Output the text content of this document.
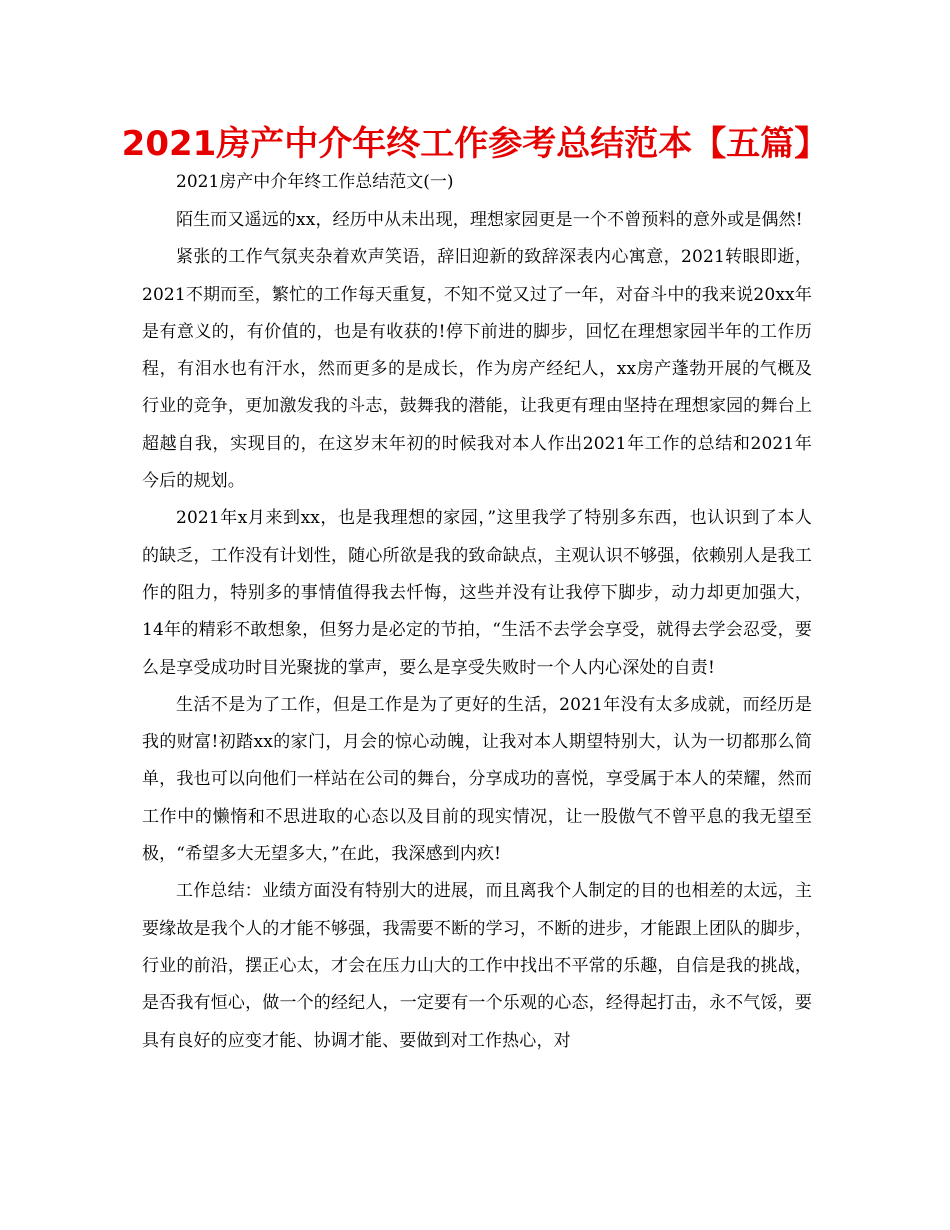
2021房产中介年终工作参考总结范本【五篇】

2021房产中介年终工作总结范文(一)

陌生而又遥远的xx，经历中从未出现，理想家园更是一个不曾预料的意外或是偶然!

紧张的工作气氛夹杂着欢声笑语，辞旧迎新的致辞深表内心寓意，2021转眼即逝，2021不期而至，繁忙的工作每天重复，不知不觉又过了一年，对奋斗中的我来说20xx年是有意义的，有价值的，也是有收获的!停下前进的脚步，回忆在理想家园半年的工作历程，有泪水也有汗水，然而更多的是成长，作为房产经纪人，xx房产蓬勃开展的气概及行业的竞争，更加激发我的斗志，鼓舞我的潜能，让我更有理由坚持在理想家园的舞台上超越自我，实现目的，在这岁末年初的时候我对本人作出2021年工作的总结和2021年今后的规划。

2021年x月来到xx，也是我理想的家园，”这里我学了特别多东西，也认识到了本人的缺乏，工作没有计划性，随心所欲是我的致命缺点，主观认识不够强，依赖别人是我工作的阻力，特别多的事情值得我去忏悔，这些并没有让我停下脚步，动力却更加强大，14年的精彩不敢想象，但努力是必定的节拍，“生活不去学会享受，就得去学会忍受，要么是享受成功时目光聚拢的掌声，要么是享受失败时一个人内心深处的自责!

生活不是为了工作，但是工作是为了更好的生活，2021年没有太多成就，而经历是我的财富!初踏xx的家门，月会的惊心动魄，让我对本人期望特别大，认为一切都那么简单，我也可以向他们一样站在公司的舞台，分享成功的喜悦，享受属于本人的荣耀，然而工作中的懒惰和不思进取的心态以及目前的现实情况，让一股傲气不曾平息的我无望至极，“希望多大无望多大，”在此，我深感到内疚!

工作总结：业绩方面没有特别大的进展，而且离我个人制定的目的也相差的太远，主要缘故是我个人的才能不够强，我需要不断的学习，不断的进步，才能跟上团队的脚步，行业的前沿，摆正心太，才会在压力山大的工作中找出不平常的乐趣，自信是我的挑战，是否我有恒心，做一个的经纪人，一定要有一个乐观的心态，经得起打击，永不气馁，要具有良好的应变才能、协调才能、要做到对工作热心，对
